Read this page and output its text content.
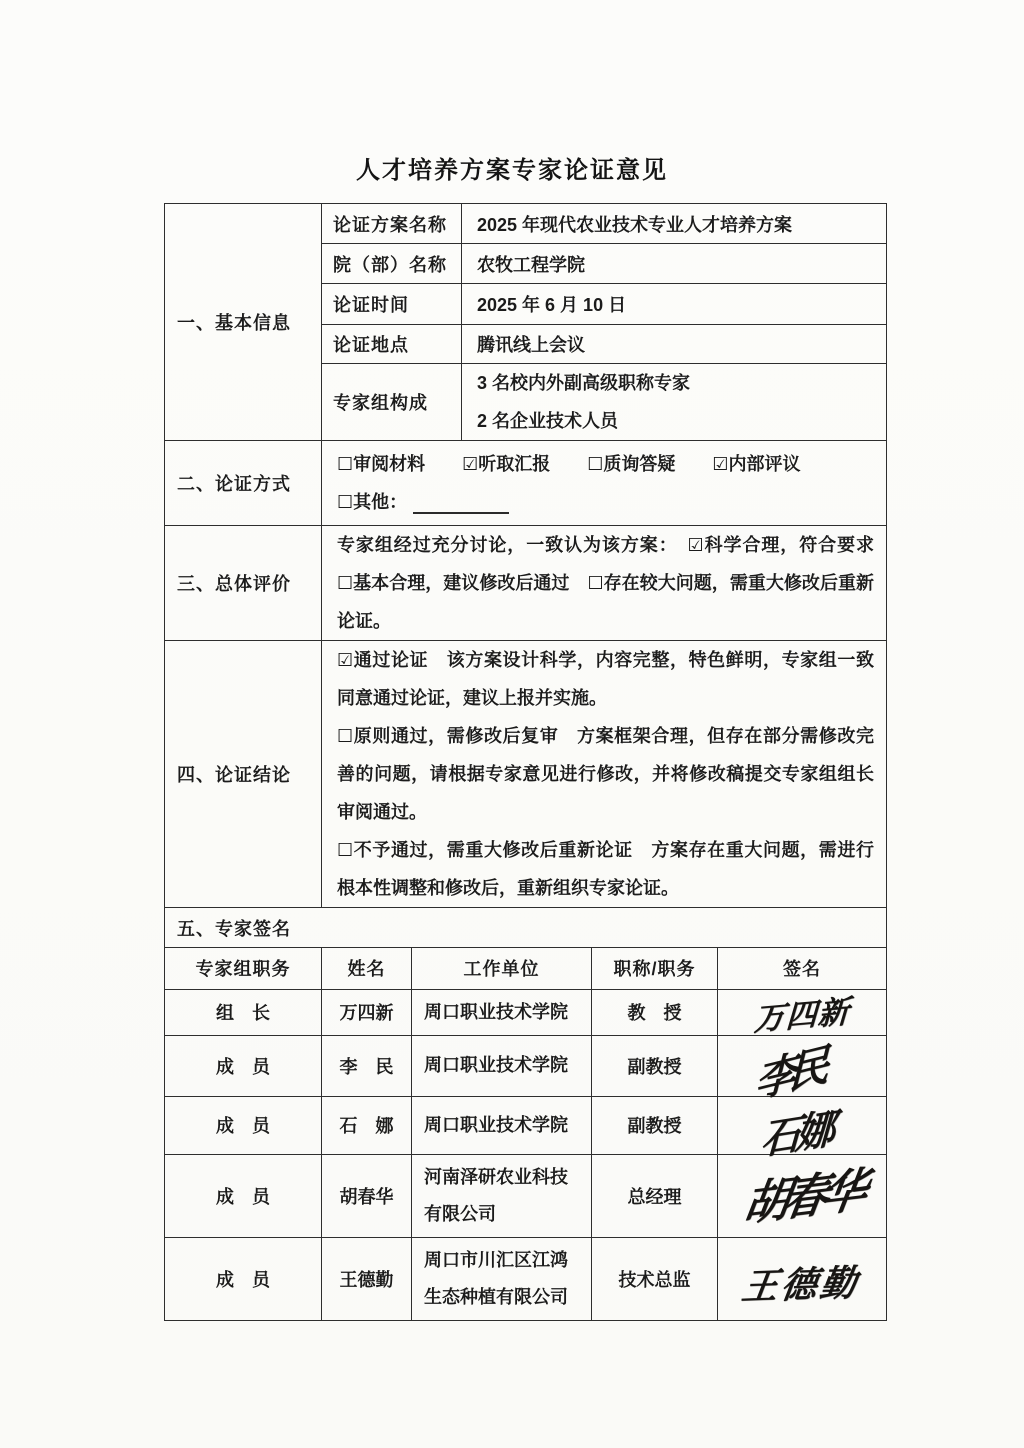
人才培养方案专家论证意见
一、基本信息	论证方案名称	2025 年现代农业技术专业人才培养方案
	院（部）名称	农牧工程学院
	论证时间	2025 年 6 月 10 日
	论证地点	腾讯线上会议
	专家组构成	3 名校内外副高级职称专家
2 名企业技术人员

二、论证方式	☐审阅材料 ☑听取汇报 ☐质询答疑 ☑内部评议
☐其他：	

三、总体评价	专家组经过充分讨论，一致认为该方案：　☑科学合理，符合要求　☐基本合理，建议修改后通过　☐存在较大问题，需重大修改后重新论证。	
四、论证结论	☑通过论证　该方案设计科学，内容完整，特色鲜明，专家组一致同意通过论证，建议上报并实施。

☐原则通过，需修改后复审　方案框架合理，但存在部分需修改完善的问题，请根据专家意见进行修改，并将修改稿提交专家组组长审阅通过。

☐不予通过，需重大修改后重新论证　方案存在重大问题，需进行根本性调整和修改后，重新组织专家论证。	

五、专家签名		
专家组职务	姓名	工作单位	职称/职务	签名
组　长	万四新	周口职业技术学院	教　授	万四新
成　员	李　民	周口职业技术学院	副教授	李民
成　员	石　娜	周口职业技术学院	副教授	石娜
成　员	胡春华	河南泽研农业科技有限公司	总经理	胡春华
成　员	王德勤	周口市川汇区江鸿生态种植有限公司	技术总监	王德勤
